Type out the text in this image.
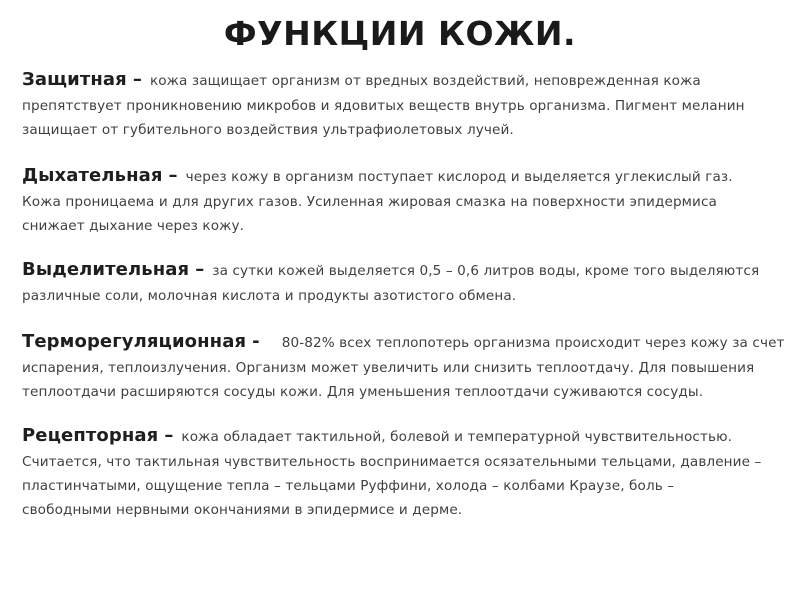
ФУНКЦИИ КОЖИ.
Защитная – кожа защищает организм от вредных воздействий, неповрежденная кожа
препятствует проникновению микробов и ядовитых веществ внутрь организма. Пигмент меланин
защищает от губительного воздействия ультрафиолетовых лучей.
Дыхательная – через кожу в организм поступает кислород и выделяется углекислый газ.
Кожа проницаема и для других газов. Усиленная жировая смазка на поверхности эпидермиса
снижает дыхание через кожу.
Выделительная – за сутки кожей выделяется 0,5 – 0,6 литров воды, кроме того выделяются
различные соли, молочная кислота и продукты азотистого обмена.
Терморегуляционная - 80-82% всех теплопотерь организма происходит через кожу за счет
испарения, теплоизлучения. Организм может увеличить или снизить теплоотдачу. Для повышения
теплоотдачи расширяются сосуды кожи. Для уменьшения теплоотдачи суживаются сосуды.
Рецепторная – кожа обладает тактильной, болевой и температурной чувствительностью.
Считается, что тактильная чувствительность воспринимается осязательными тельцами, давление –
пластинчатыми, ощущение тепла – тельцами Руффини, холода – колбами Краузе, боль –
свободными нервными окончаниями в эпидермисе и дерме.
